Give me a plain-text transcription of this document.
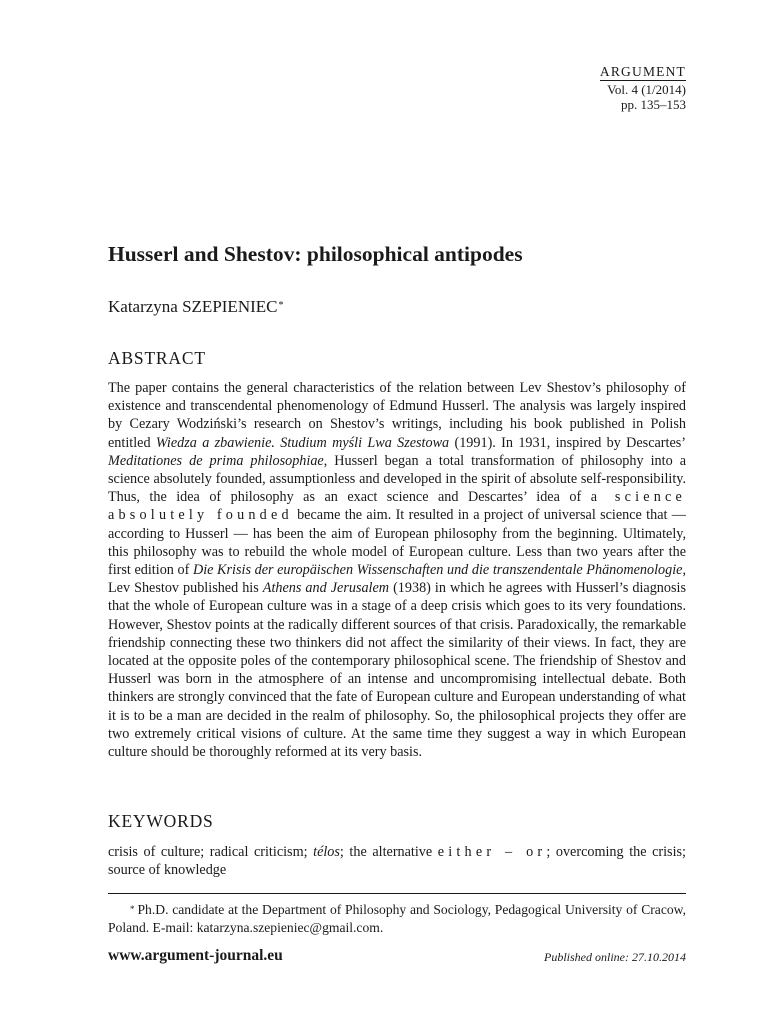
ARGUMENT
Vol. 4 (1/2014)
pp. 135–153
Husserl and Shestov: philosophical antipodes
Katarzyna SZEPIENIEC*
ABSTRACT

The paper contains the general characteristics of the relation between Lev Shestov’s philosophy of existence and transcendental phenomenology of Edmund Husserl. The analysis was largely inspired by Cezary Wodziński’s research on Shestov’s writings, including his book published in Polish entitled Wiedza a zbawienie. Studium myśli Lwa Szestowa (1991). In 1931, inspired by Descartes’ Meditationes de prima philosophiae, Husserl began a total transformation of philosophy into a science absolutely founded, assumptionless and developed in the spirit of absolute self-responsibility. Thus, the idea of philosophy as an exact science and Descartes’ idea of a science absolutely founded became the aim. It resulted in a project of universal science that — according to Husserl — has been the aim of European philosophy from the beginning. Ultimately, this philosophy was to rebuild the whole model of European culture. Less than two years after the first edition of Die Krisis der europäischen Wissenschaften und die transzendentale Phänomenologie, Lev Shestov published his Athens and Jerusalem (1938) in which he agrees with Husserl’s diagnosis that the whole of European culture was in a stage of a deep crisis which goes to its very foundations. However, Shestov points at the radically different sources of that crisis. Paradoxically, the remarkable friendship connecting these two thinkers did not affect the similarity of their views. In fact, they are located at the opposite poles of the contemporary philosophical scene. The friendship of Shestov and Husserl was born in the atmosphere of an intense and uncompromising intellectual debate. Both thinkers are strongly convinced that the fate of European culture and European understanding of what it is to be a man are decided in the realm of philosophy. So, the philosophical projects they offer are two extremely critical visions of culture. At the same time they suggest a way in which European culture should be thoroughly reformed at its very basis.

KEYWORDS

crisis of culture; radical criticism; télos; the alternative either – or; overcoming the crisis; source of knowledge

* Ph.D. candidate at the Department of Philosophy and Sociology, Pedagogical University of Cracow, Poland. E-mail: katarzyna.szepieniec@gmail.com.

www.argument-journal.eu	Published online: 27.10.2014
